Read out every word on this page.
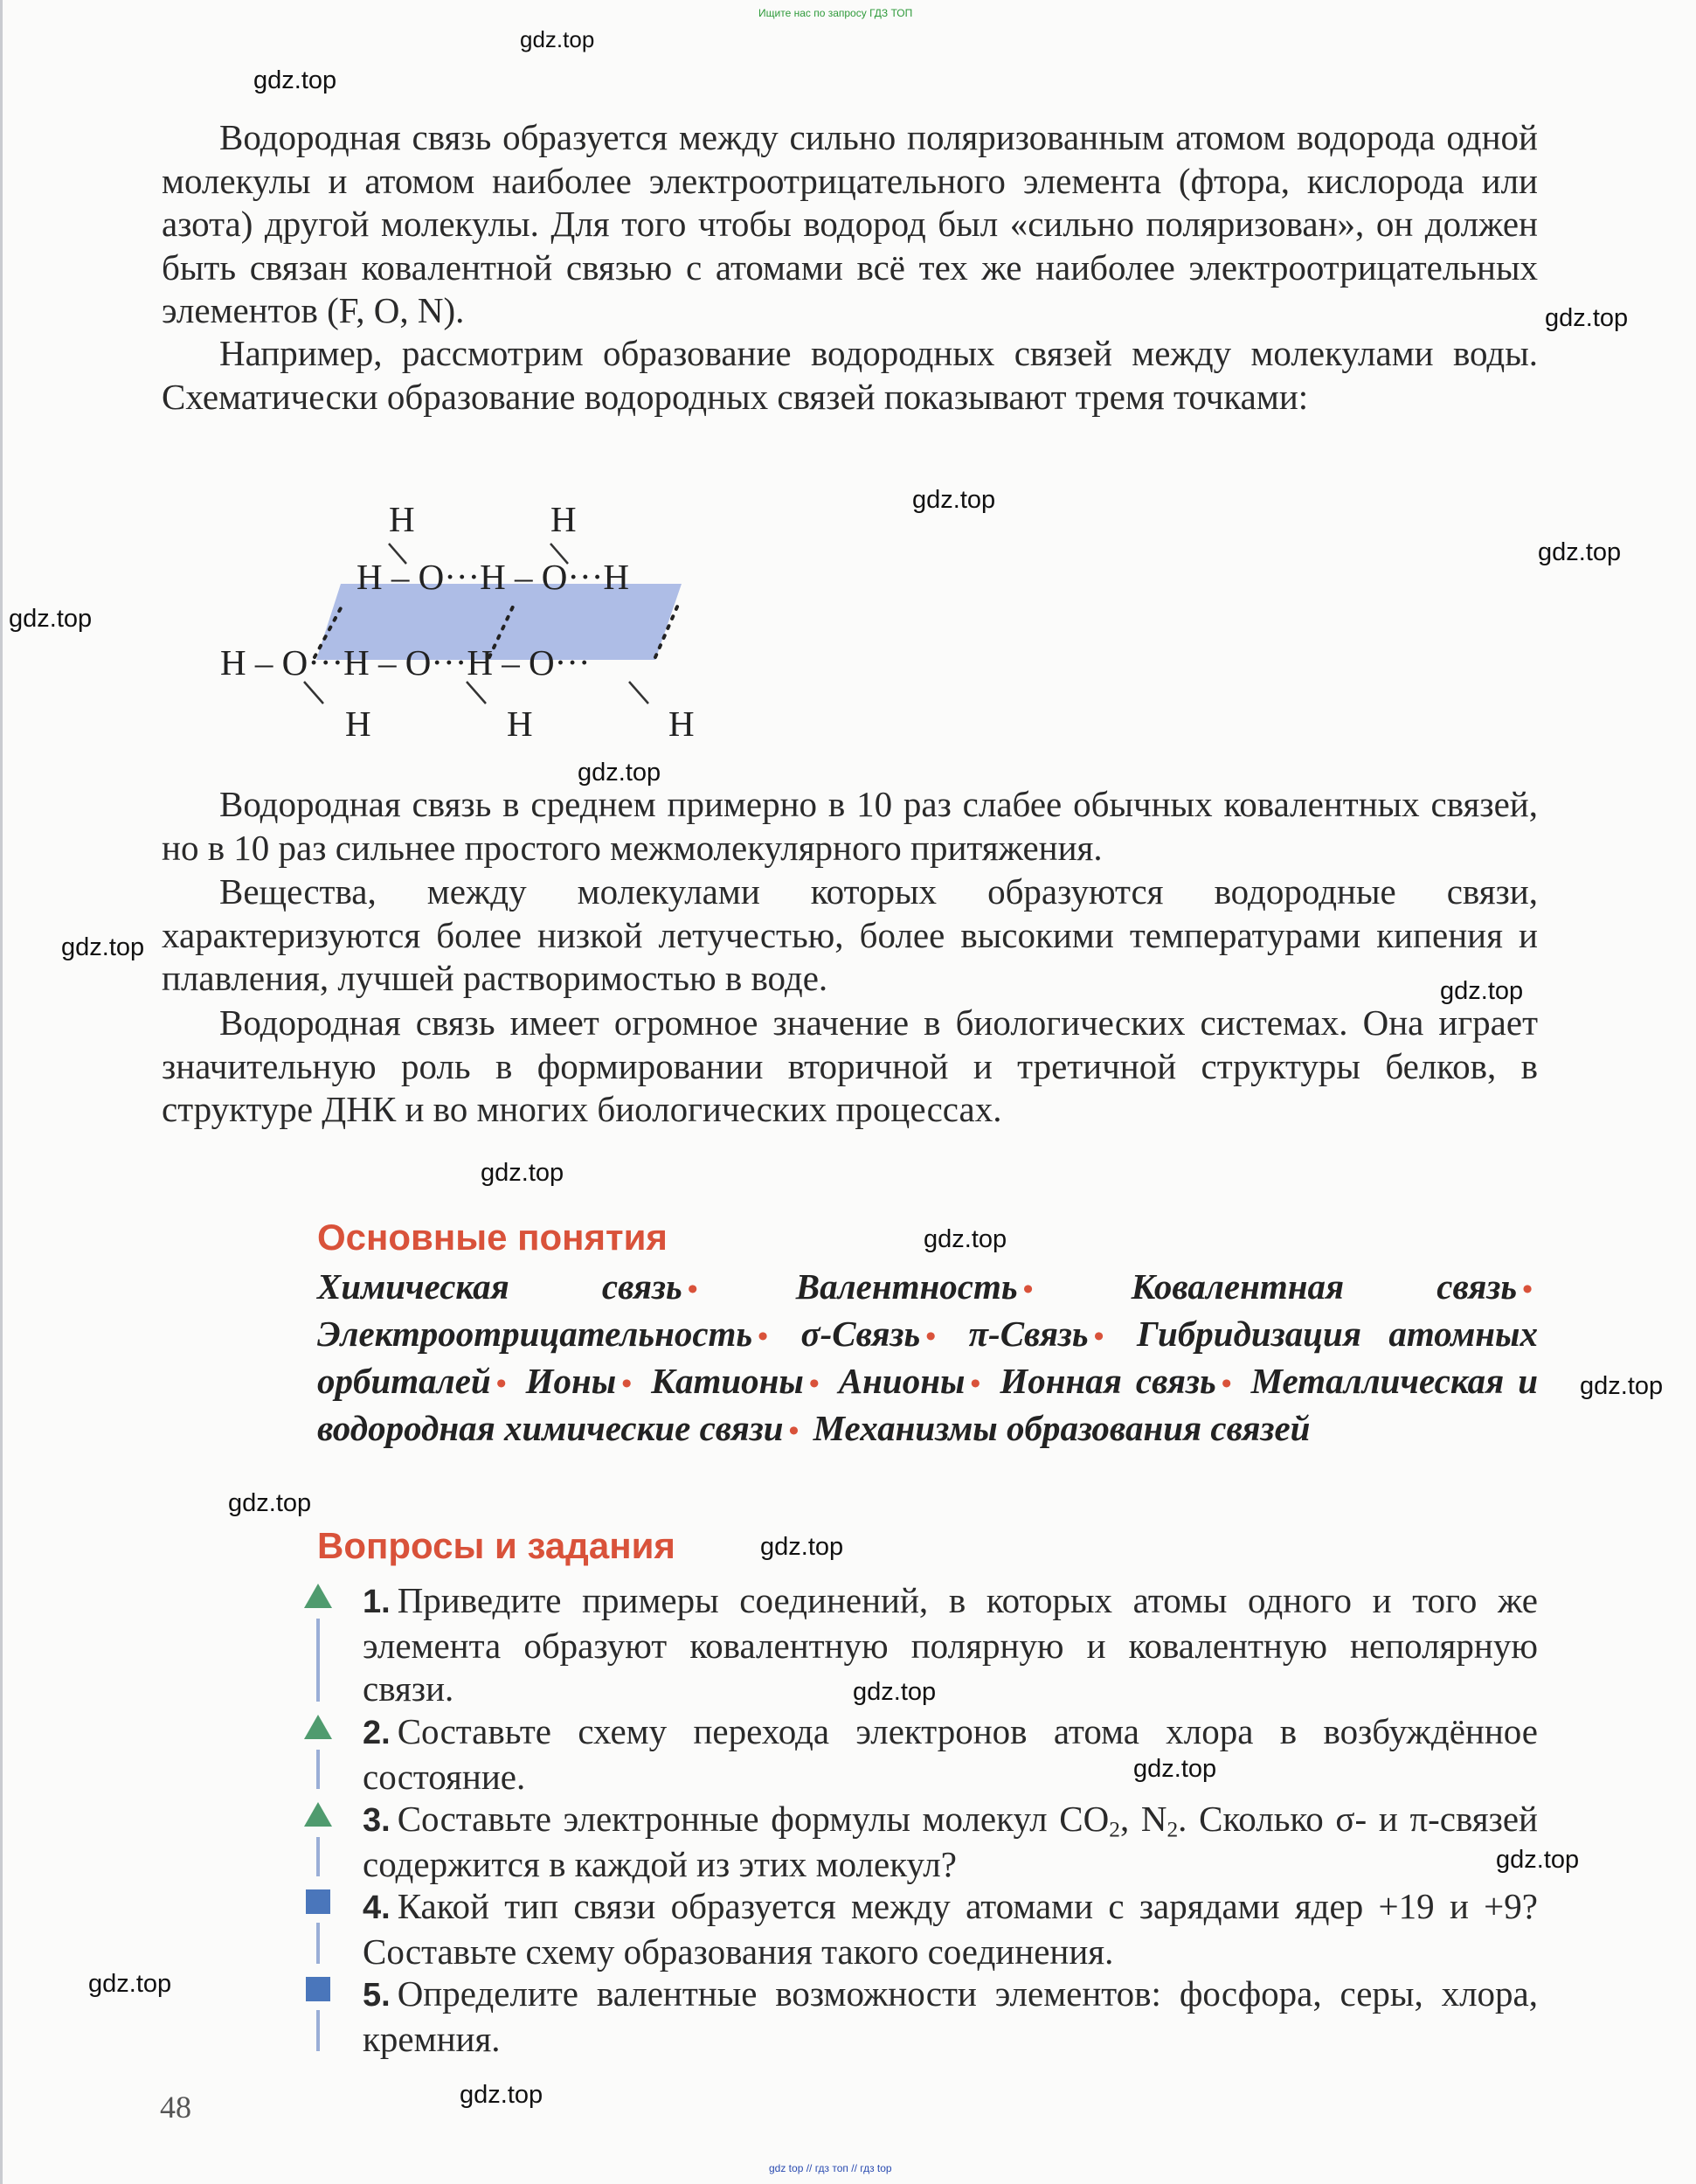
Ищите нас по запросу ГДЗ ТОП
gdz top // гдз топ // гдз top

Водородная связь образуется между сильно поляризованным атомом водорода одной молекулы и атомом наиболее электроотрицательного элемента (фтора, кислорода или азота) другой молекулы. Для того чтобы водород был «сильно поляризован», он должен быть связан ковалентной связью с атомами всё тех же наиболее электроотрицательных элементов (F, O, N).

Например, рассмотрим образование водородных связей между молекулами воды. Схематически образование водородных связей показывают тремя точками:

H	H
H – O···H – O···H
H – O···H – O···H – O···
H	H	H

Водородная связь в среднем примерно в 10 раз слабее обычных ковалентных связей, но в 10 раз сильнее простого межмолекулярного притяжения.

Вещества, между молекулами которых образуются водородные связи, характеризуются более низкой летучестью, более высокими температурами кипения и плавления, лучшей растворимостью в воде.

Водородная связь имеет огромное значение в биологических системах. Она играет значительную роль в формировании вторичной и третичной структуры белков, в структуре ДНК и во многих биологических процессах.

Основные понятия

Химическая связь •	Валентность •	Ковалентная связь • Электроотрицательность • σ-Связь • π-Связь • Гибридизация атомных орбиталей • Ионы • Катионы • Анионы • Ионная связь • Металлическая и водородная химические связи • Механизмы образования связей

Вопросы и задания

1. Приведите примеры соединений, в которых атомы одного и того же элемента образуют ковалентную полярную и ковалентную неполярную связи.

2. Составьте схему перехода электронов атома хлора в возбуждённое состояние.

3. Составьте электронные формулы молекул $CO_2$, $N_2$. Сколько σ- и π-связей содержится в каждой из этих молекул?

4. Какой тип связи образуется между атомами с зарядами ядер +19 и +9? Составьте схему образования такого соединения.

5. Определите валентные возможности элементов: фосфора, серы, хлора, кремния.

48
gdz.top
gdz.top
gdz.top
gdz.top
gdz.top
gdz.top
gdz.top
gdz.top
gdz.top
gdz.top
gdz.top
gdz.top
gdz.top
gdz.top
gdz.top
gdz.top
gdz.top
gdz.top
gdz.top
